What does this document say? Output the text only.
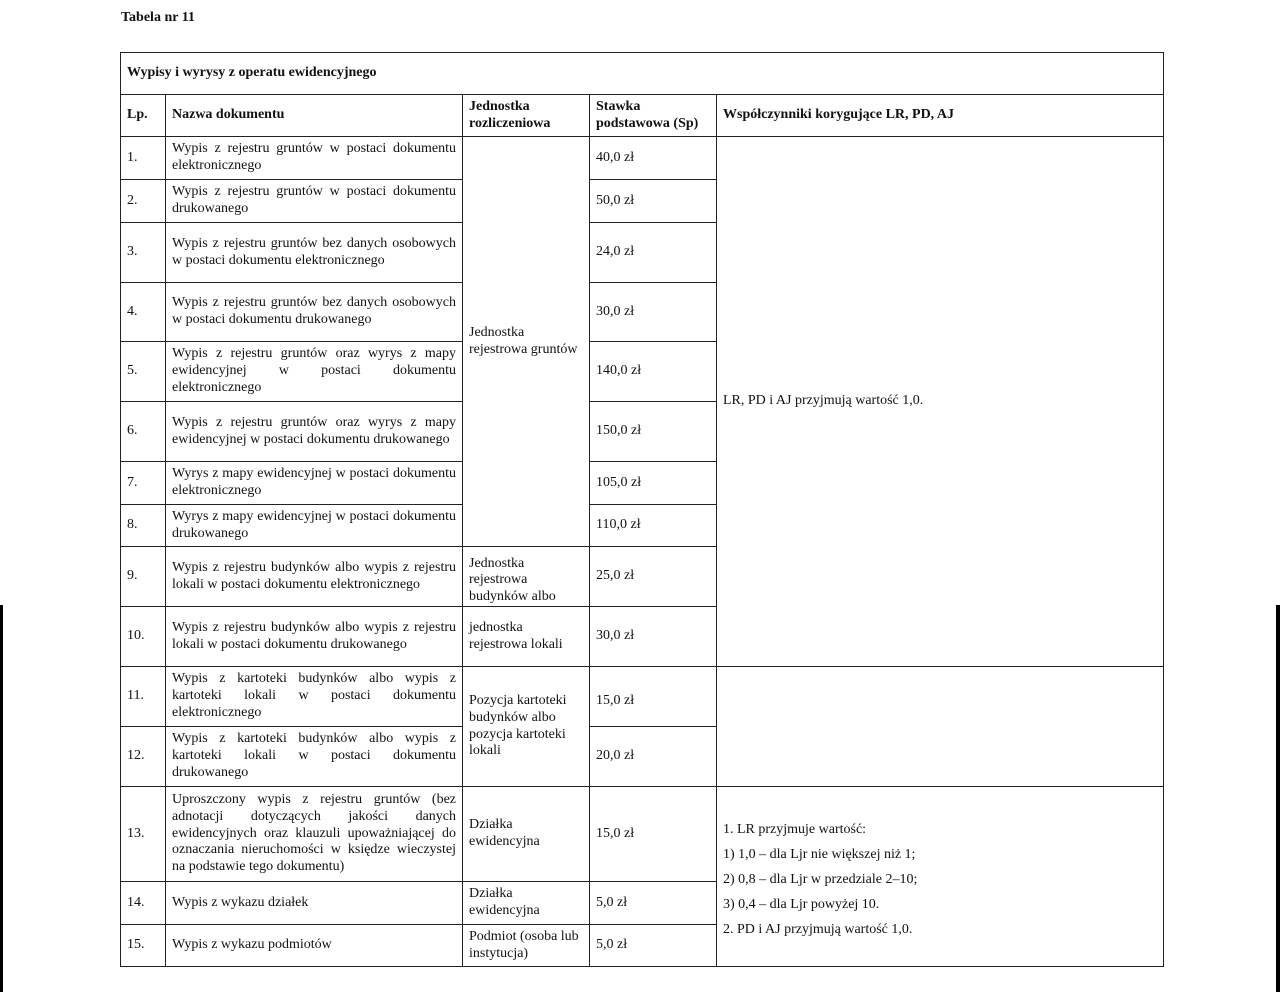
Tabela nr 11
Wypisy i wyrysy z operatu ewidencyjnego				
Lp.	Nazwa dokumentu	Jednostka rozliczeniowa	Stawka podstawowa (Sp)	Współczynniki korygujące LR, PD, AJ
1.	Wypis z rejestru gruntów w postaci dokumentu elektronicznego	Jednostka rejestrowa gruntów	40,0 zł	LR, PD i AJ przyjmują wartość 1,0.
2.	Wypis z rejestru gruntów w postaci dokumentu drukowanego		50,0 zł	
3.	Wypis z rejestru gruntów bez danych osobowych w postaci dokumentu elektronicznego		24,0 zł	
4.	Wypis z rejestru gruntów bez danych osobowych w postaci dokumentu drukowanego		30,0 zł	
5.	Wypis z rejestru gruntów oraz wyrys z mapy ewidencyjnej w postaci dokumentu elektronicznego		140,0 zł	
6.	Wypis z rejestru gruntów oraz wyrys z mapy ewidencyjnej w postaci dokumentu drukowanego		150,0 zł	
7.	Wyrys z mapy ewidencyjnej w postaci dokumentu elektronicznego		105,0 zł	
8.	Wyrys z mapy ewidencyjnej w postaci dokumentu drukowanego		110,0 zł	
9.	Wypis z rejestru budynków albo wypis z rejestru lokali w postaci dokumentu elektronicznego	Jednostka rejestrowa budynków albo	25,0 zł	
10.	Wypis z rejestru budynków albo wypis z rejestru lokali w postaci dokumentu drukowanego	jednostka rejestrowa lokali	30,0 zł	
11.	Wypis z kartoteki budynków albo wypis z kartoteki lokali w postaci dokumentu elektronicznego	Pozycja kartoteki budynków albo pozycja kartoteki lokali	15,0 zł	
12.	Wypis z kartoteki budynków albo wypis z kartoteki lokali w postaci dokumentu drukowanego		20,0 zł	
13.	Uproszczony wypis z rejestru gruntów (bez adnotacji dotyczących jakości danych ewidencyjnych oraz klauzuli upoważniającej do oznaczania nieruchomości w księdze wieczystej na podstawie tego dokumentu)	Działka ewidencyjna	15,0 zł	1. LR przyjmuje wartość:
1) 1,0 – dla Ljr nie większej niż 1;
2) 0,8 – dla Ljr w przedziale 2–10;
3) 0,4 – dla Ljr powyżej 10.
2. PD i AJ przyjmują wartość 1,0.

14.	Wypis z wykazu działek	Działka ewidencyjna	5,0 zł	
15.	Wypis z wykazu podmiotów	Podmiot (osoba lub instytucja)	5,0 zł	
